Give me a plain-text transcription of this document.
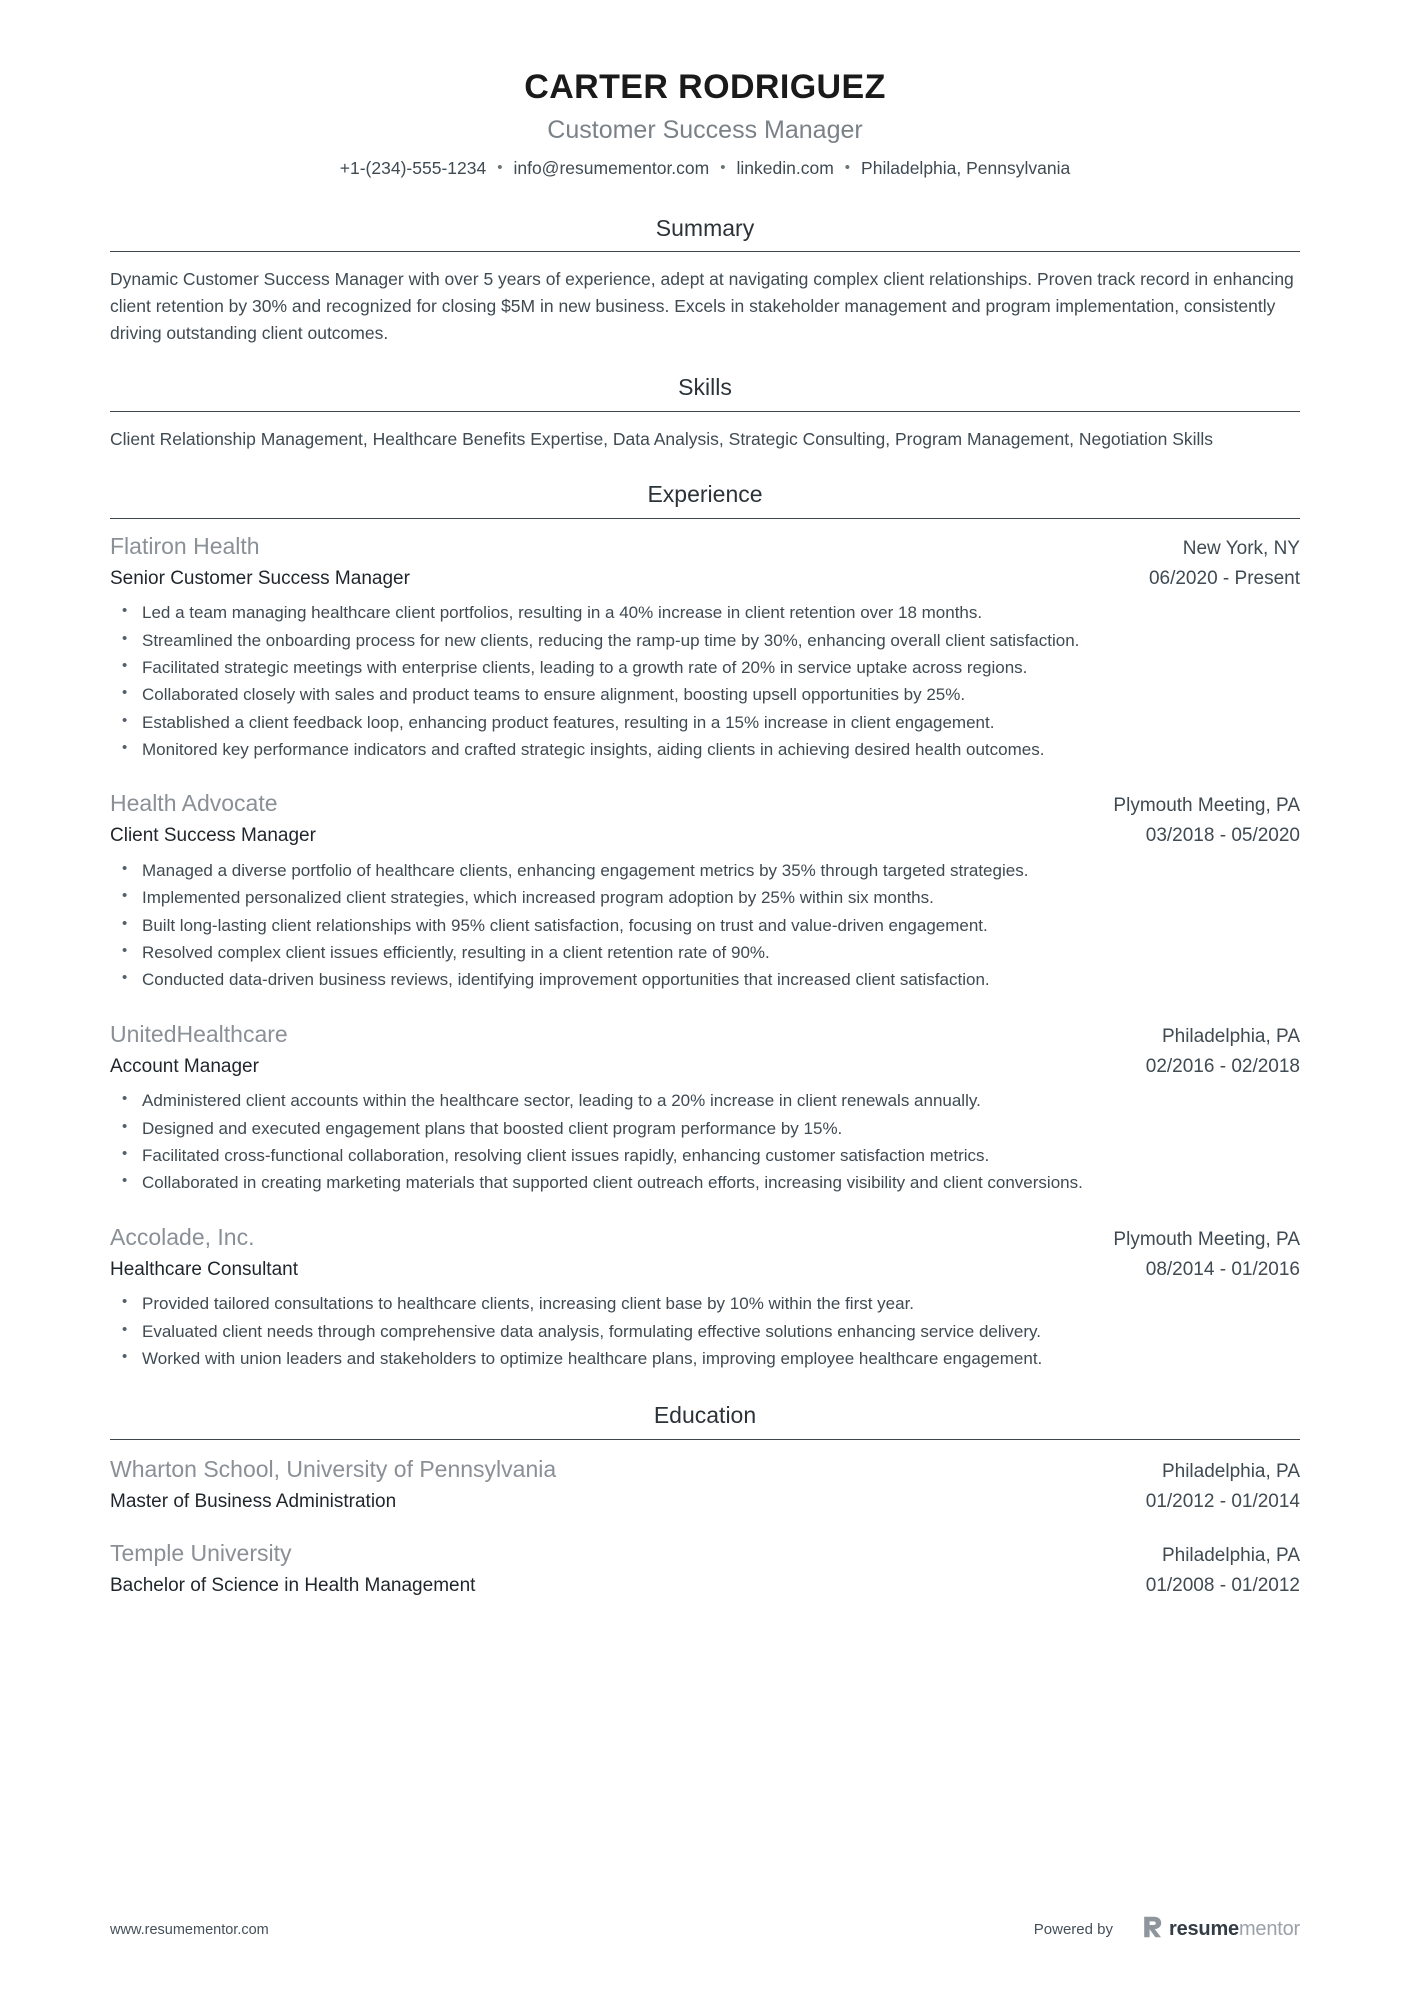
CARTER RODRIGUEZ
Customer Success Manager
+1-(234)-555-1234 • info@resumementor.com • linkedin.com • Philadelphia, Pennsylvania
Summary

Dynamic Customer Success Manager with over 5 years of experience, adept at navigating complex client relationships. Proven track record in enhancing client retention by 30% and recognized for closing $5M in new business. Excels in stakeholder management and program implementation, consistently driving outstanding client outcomes.

Skills

Client Relationship Management, Healthcare Benefits Expertise, Data Analysis, Strategic Consulting, Program Management, Negotiation Skills

Experience
Flatiron Health	New York, NY
Senior Customer Success Manager	06/2020 - Present
• Led a team managing healthcare client portfolios, resulting in a 40% increase in client retention over 18 months.
• Streamlined the onboarding process for new clients, reducing the ramp-up time by 30%, enhancing overall client satisfaction.
• Facilitated strategic meetings with enterprise clients, leading to a growth rate of 20% in service uptake across regions.
• Collaborated closely with sales and product teams to ensure alignment, boosting upsell opportunities by 25%.
• Established a client feedback loop, enhancing product features, resulting in a 15% increase in client engagement.
• Monitored key performance indicators and crafted strategic insights, aiding clients in achieving desired health outcomes.
Health Advocate	Plymouth Meeting, PA
Client Success Manager	03/2018 - 05/2020
• Managed a diverse portfolio of healthcare clients, enhancing engagement metrics by 35% through targeted strategies.
• Implemented personalized client strategies, which increased program adoption by 25% within six months.
• Built long-lasting client relationships with 95% client satisfaction, focusing on trust and value-driven engagement.
• Resolved complex client issues efficiently, resulting in a client retention rate of 90%.
• Conducted data-driven business reviews, identifying improvement opportunities that increased client satisfaction.
UnitedHealthcare	Philadelphia, PA
Account Manager	02/2016 - 02/2018
• Administered client accounts within the healthcare sector, leading to a 20% increase in client renewals annually.
• Designed and executed engagement plans that boosted client program performance by 15%.
• Facilitated cross-functional collaboration, resolving client issues rapidly, enhancing customer satisfaction metrics.
• Collaborated in creating marketing materials that supported client outreach efforts, increasing visibility and client conversions.
Accolade, Inc.	Plymouth Meeting, PA
Healthcare Consultant	08/2014 - 01/2016
• Provided tailored consultations to healthcare clients, increasing client base by 10% within the first year.
• Evaluated client needs through comprehensive data analysis, formulating effective solutions enhancing service delivery.
• Worked with union leaders and stakeholders to optimize healthcare plans, improving employee healthcare engagement.
Education
Wharton School, University of Pennsylvania	Philadelphia, PA
Master of Business Administration	01/2012 - 01/2014
Temple University	Philadelphia, PA
Bachelor of Science in Health Management	01/2008 - 01/2012
www.resumementor.com	Powered by	resumementor
